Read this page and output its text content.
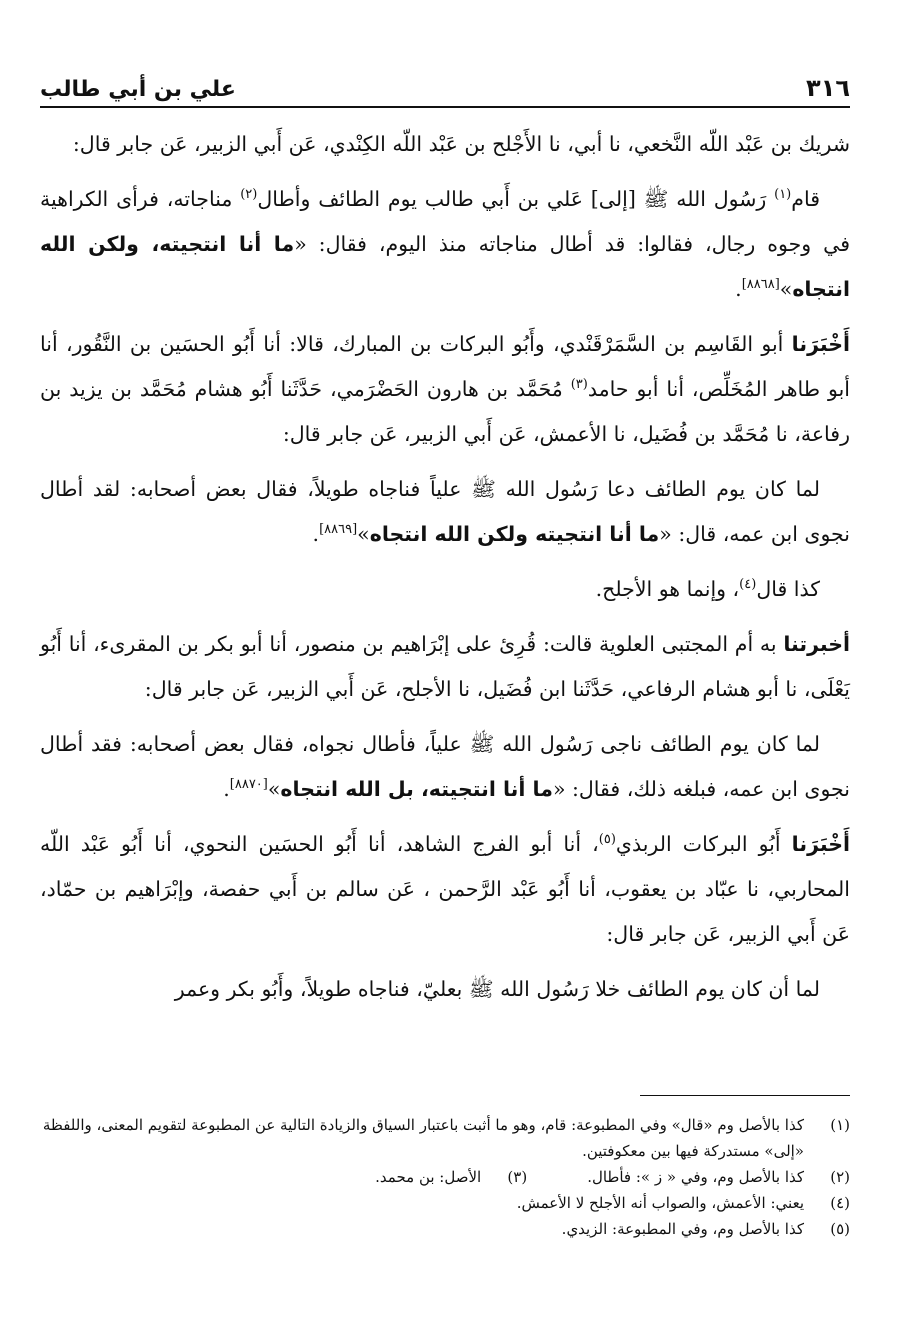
٣١٦
علي بن أبي طالب

شريك بن عَبْد اللّه النَّخعي، نا أبي، نا الأَجْلح بن عَبْد اللّه الكِنْدي، عَن أَبي الزبير، عَن جابر قال:

قام$^{(١)}$ رَسُول الله ﷺ [إلى] عَلي بن أَبي طالب يوم الطائف وأطال$^{(٢)}$ مناجاته، فرأى الكراهية في وجوه رجال، فقالوا: قد أطال مناجاته منذ اليوم، فقال: «ما أنا انتجيته، ولكن الله انتجاه»[٨٨٦٨].

أَخْبَرَنا أبو القَاسِم بن السَّمَرْقَنْدي، وأَبُو البركات بن المبارك، قالا: أنا أَبُو الحسَين بن النَّقُور، أنا أبو طاهر المُخَلِّص، أنا أبو حامد$^{(٣)}$ مُحَمَّد بن هارون الحَضْرَمي، حَدَّثَنا أَبُو هشام مُحَمَّد بن يزيد بن رفاعة، نا مُحَمَّد بن فُضَيل، نا الأعمش، عَن أَبي الزبير، عَن جابر قال:

لما كان يوم الطائف دعا رَسُول الله ﷺ علياً فناجاه طويلاً، فقال بعض أصحابه: لقد أطال نجوى ابن عمه، قال: «ما أنا انتجيته ولكن الله انتجاه»[٨٨٦٩].

كذا قال$^{(٤)}$، وإنما هو الأجلح.

أخبرتنا به أم المجتبى العلوية قالت: قُرِئ على إبْرَاهيم بن منصور، أنا أبو بكر بن المقرىء، أنا أَبُو يَعْلَى، نا أبو هشام الرفاعي، حَدَّثَنا ابن فُضَيل، نا الأجلح، عَن أَبي الزبير، عَن جابر قال:

لما كان يوم الطائف ناجى رَسُول الله ﷺ علياً، فأطال نجواه، فقال بعض أصحابه: فقد أطال نجوى ابن عمه، فبلغه ذلك، فقال: «ما أنا انتجيته، بل الله انتجاه»[٨٨٧٠].

أَخْبَرَنا أَبُو البركات الربذي$^{(٥)}$، أنا أبو الفرج الشاهد، أنا أَبُو الحسَين النحوي، أنا أَبُو عَبْد اللّه المحاربي، نا عبّاد بن يعقوب، أنا أَبُو عَبْد الرَّحمن ، عَن سالم بن أَبي حفصة، وإبْرَاهيم بن حمّاد، عَن أَبي الزبير، عَن جابر قال:

لما أن كان يوم الطائف خلا رَسُول الله ﷺ بعليّ، فناجاه طويلاً، وأَبُو بكر وعمر

(١)
كذا بالأصل وم «قال» وفي المطبوعة: قام، وهو ما أثبت باعتبار السياق والزيادة التالية عن المطبوعة لتقويم المعنى، واللفظة «إلى» مستدركة فيها بين معكوفتين.
(٢)
كذا بالأصل وم، وفي « ز »: فأطال.
(٣)
الأصل: بن محمد.
(٤)
يعني: الأعمش، والصواب أنه الأجلح لا الأعمش.
(٥)
كذا بالأصل وم، وفي المطبوعة: الزيدي.
